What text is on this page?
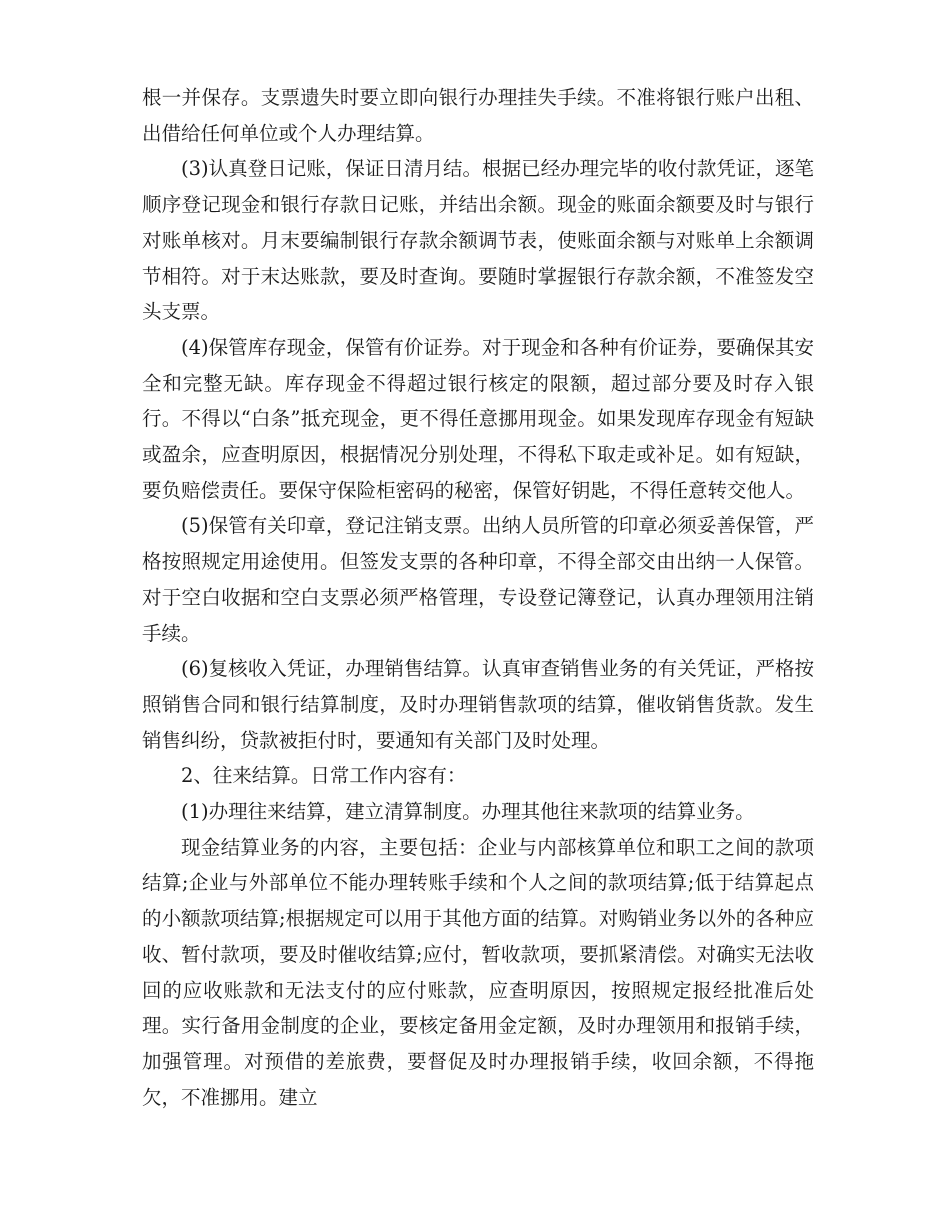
根一并保存。支票遗失时要立即向银行办理挂失手续。不准将银行账户出租、出借给任何单位或个人办理结算。

(3)认真登日记账，保证日清月结。根据已经办理完毕的收付款凭证，逐笔顺序登记现金和银行存款日记账，并结出余额。现金的账面余额要及时与银行对账单核对。月末要编制银行存款余额调节表，使账面余额与对账单上余额调节相符。对于末达账款，要及时查询。要随时掌握银行存款余额，不准签发空头支票。

(4)保管库存现金，保管有价证券。对于现金和各种有价证券，要确保其安全和完整无缺。库存现金不得超过银行核定的限额，超过部分要及时存入银行。不得以“白条”抵充现金，更不得任意挪用现金。如果发现库存现金有短缺或盈余，应查明原因，根据情况分别处理，不得私下取走或补足。如有短缺，要负赔偿责任。要保守保险柜密码的秘密，保管好钥匙，不得任意转交他人。

(5)保管有关印章，登记注销支票。出纳人员所管的印章必须妥善保管，严格按照规定用途使用。但签发支票的各种印章，不得全部交由出纳一人保管。对于空白收据和空白支票必须严格管理，专设登记簿登记，认真办理领用注销手续。

(6)复核收入凭证，办理销售结算。认真审查销售业务的有关凭证，严格按照销售合同和银行结算制度，及时办理销售款项的结算，催收销售货款。发生销售纠纷，贷款被拒付时，要通知有关部门及时处理。

2、往来结算。日常工作内容有：

(1)办理往来结算，建立清算制度。办理其他往来款项的结算业务。

现金结算业务的内容，主要包括：企业与内部核算单位和职工之间的款项结算;企业与外部单位不能办理转账手续和个人之间的款项结算;低于结算起点的小额款项结算;根据规定可以用于其他方面的结算。对购销业务以外的各种应收、暂付款项，要及时催收结算;应付，暂收款项，要抓紧清偿。对确实无法收回的应收账款和无法支付的应付账款，应查明原因，按照规定报经批准后处理。实行备用金制度的企业，要核定备用金定额，及时办理领用和报销手续，加强管理。对预借的差旅费，要督促及时办理报销手续，收回余额，不得拖欠，不准挪用。建立
